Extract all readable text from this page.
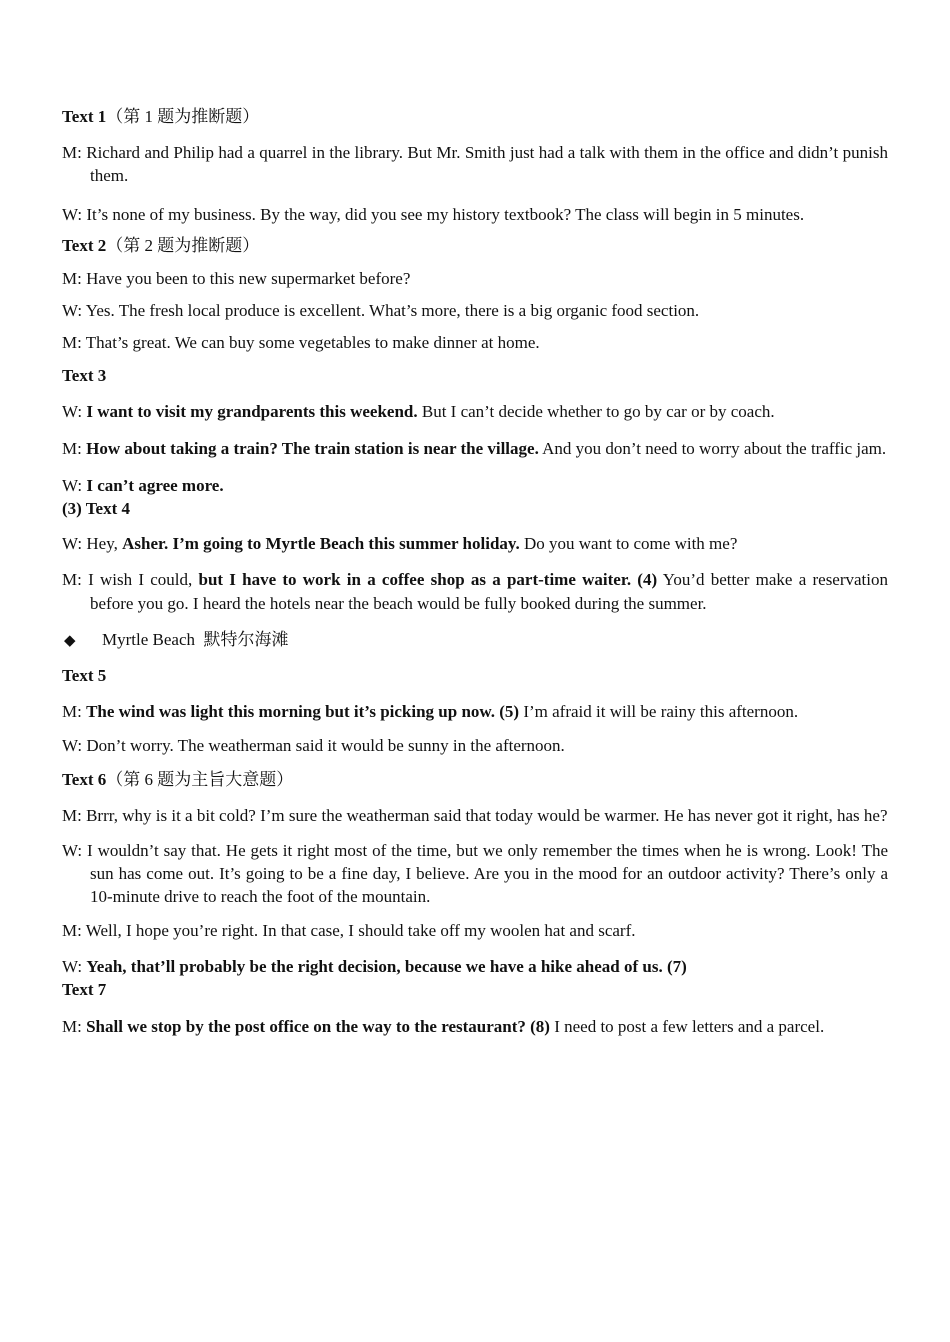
Text 1（第 1 题为推断题）
M: Richard and Philip had a quarrel in the library. But Mr. Smith just had a talk with them in the office and didn’t punish them.
W: It’s none of my business. By the way, did you see my history textbook? The class will begin in 5 minutes.
Text 2（第 2 题为推断题）
M: Have you been to this new supermarket before?
W: Yes. The fresh local produce is excellent. What’s more, there is a big organic food section.
M: That’s great. We can buy some vegetables to make dinner at home.
Text 3
W: I want to visit my grandparents this weekend. But I can’t decide whether to go by car or by coach.
M: How about taking a train? The train station is near the village. And you don’t need to worry about the traffic jam.
W: I can’t agree more.
(3) Text 4
W: Hey, Asher. I’m going to Myrtle Beach this summer holiday. Do you want to come with me?
M: I wish I could, but I have to work in a coffee shop as a part-time waiter. (4) You’d better make a reservation before you go. I heard the hotels near the beach would be fully booked during the summer.
◆ Myrtle Beach 默特尔海滩
Text 5
M: The wind was light this morning but it’s picking up now. (5) I’m afraid it will be rainy this afternoon.
W: Don’t worry. The weatherman said it would be sunny in the afternoon.
Text 6（第 6 题为主旨大意题）
M: Brrr, why is it a bit cold? I’m sure the weatherman said that today would be warmer. He has never got it right, has he?
W: I wouldn’t say that. He gets it right most of the time, but we only remember the times when he is wrong. Look! The sun has come out. It’s going to be a fine day, I believe. Are you in the mood for an outdoor activity? There’s only a 10-minute drive to reach the foot of the mountain.
M: Well, I hope you’re right. In that case, I should take off my woolen hat and scarf.
W: Yeah, that’ll probably be the right decision, because we have a hike ahead of us. (7)
Text 7
M: Shall we stop by the post office on the way to the restaurant? (8) I need to post a few letters and a parcel.
